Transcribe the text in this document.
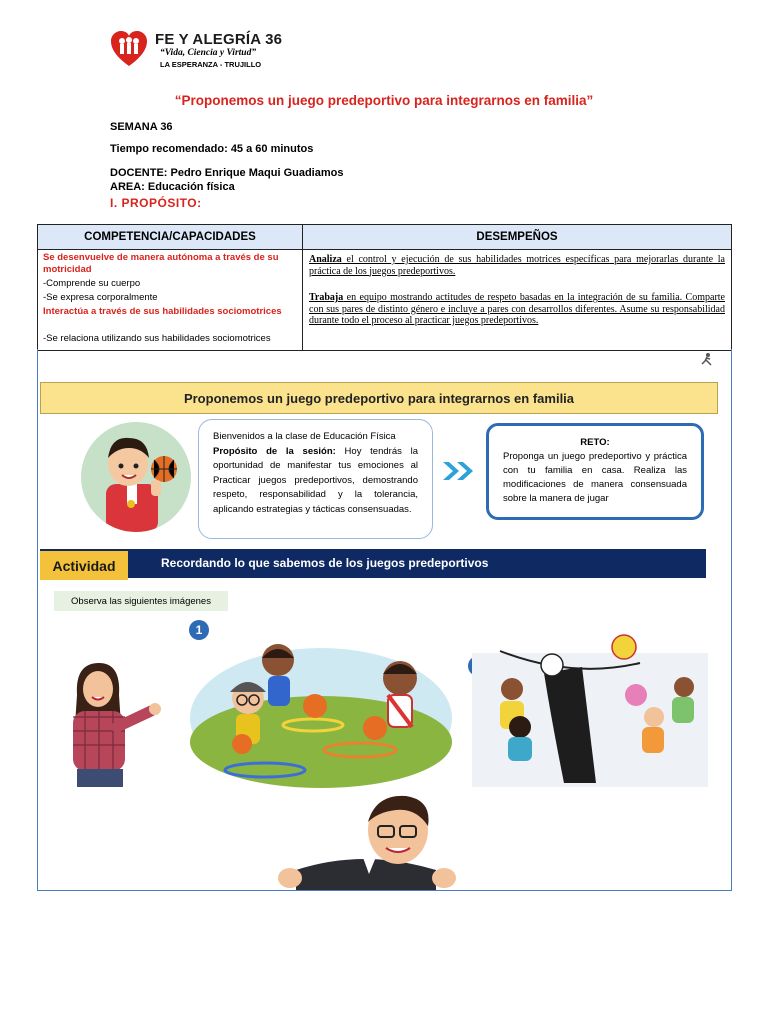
FE Y ALEGRÍA 36
“Vida, Ciencia y Virtud”
LA ESPERANZA - TRUJILLO
“Proponemos un juego predeportivo para integrarnos en familia”
SEMANA 36
Tiempo recomendado: 45 a 60 minutos
DOCENTE: Pedro Enrique Maqui Guadiamos
AREA: Educación física
I. PROPÓSITO:
COMPETENCIA/CAPACIDADES	DESEMPEÑOS
Se desenvuelve de manera autónoma a través de su motricidad
-Comprende su cuerpo
-Se expresa corporalmente
Interactúa a través de sus habilidades sociomotrices
-Se relaciona utilizando sus habilidades sociomotrices
Analiza el control y ejecución de sus habilidades motrices específicas para mejorarlas durante la práctica de los juegos predeportivos.
Trabaja en equipo mostrando actitudes de respeto basadas en la integración de su familia. Comparte con sus pares de distinto género e incluye a pares con desarrollos diferentes. Asume su responsabilidad durante todo el proceso al practicar juegos predeportivos.
Proponemos un juego predeportivo para integrarnos en familia
Bienvenidos a la clase de Educación Física
Propósito de la sesión: Hoy tendrás la oportunidad de manifestar tus emociones al Practicar juegos predeportivos, demostrando respeto, responsabilidad y la tolerancia, aplicando estrategias y tácticas consensuadas.
RETO:
Proponga un juego predeportivo y práctica con tu familia en casa. Realiza las modificaciones de manera consensuada sobre la manera de jugar
Actividad	Recordando lo que sabemos de los juegos predeportivos
Observa las siguientes imágenes
1
